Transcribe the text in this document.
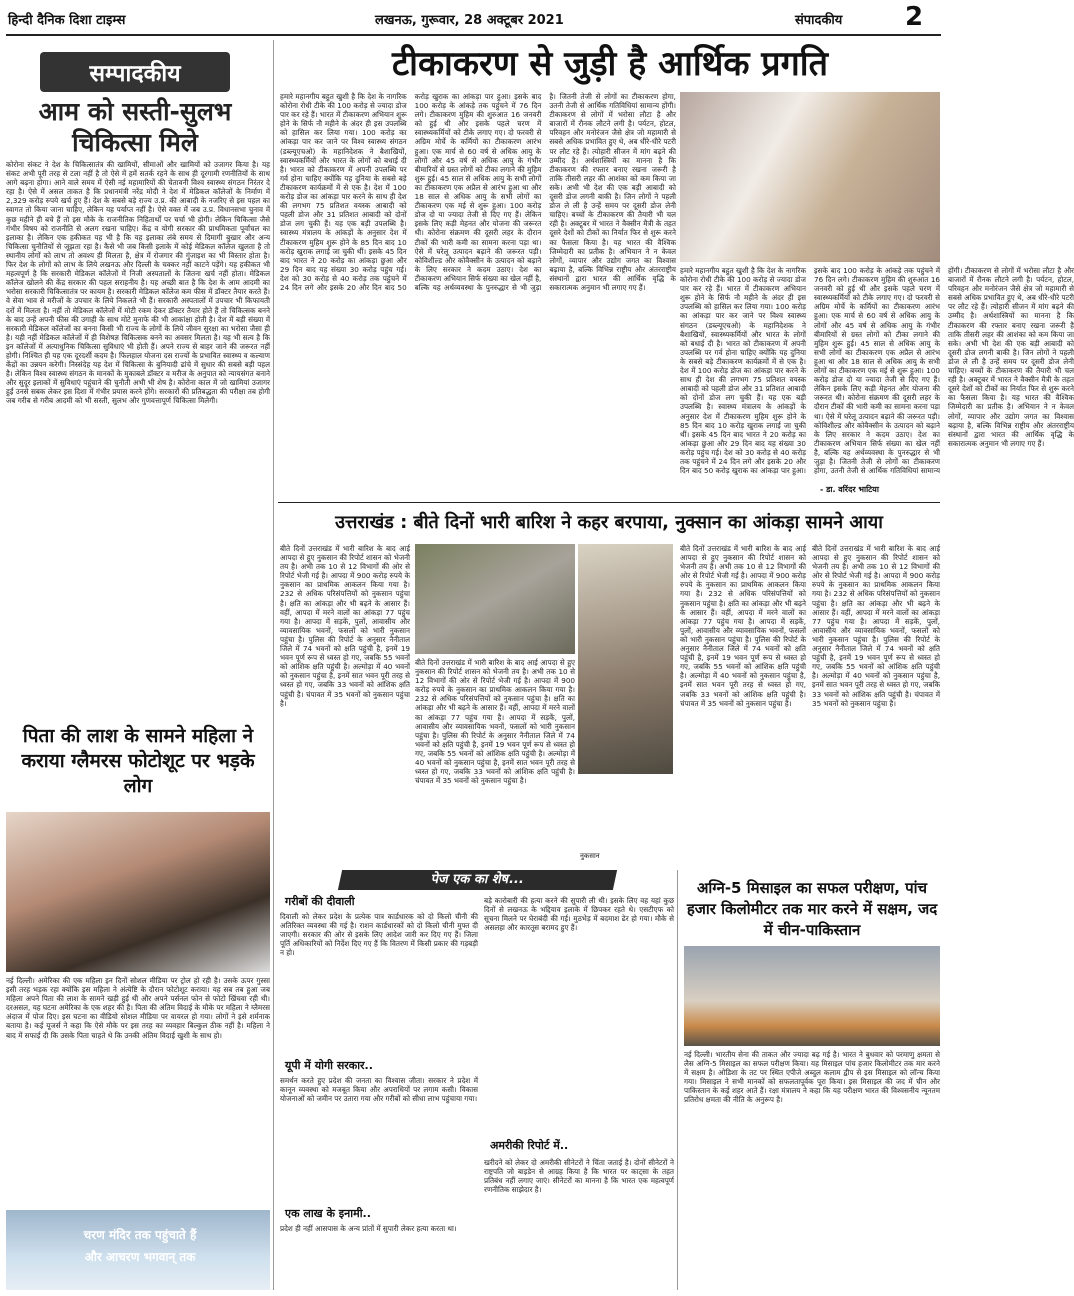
हिन्दी दैनिक दिशा टाइम्स	लखनऊ, गुरूवार, 28 अक्टूबर 2021	संपादकीय 2
सम्पादकीय
आम को सस्ती-सुलभ चिकित्सा मिले
कोरोना संकट ने देश के चिकित्सातंत्र की खामियों, सीमाओं और खामियों को उजागर किया है। यह संकट अभी पूरी तरह से टला नहीं है तो ऐसे में हमें सतर्क रहने के साथ ही दूरगामी रणनीतियों के साथ आगे बढ़ना होगा। आने वाले समय में ऐसी नई महामारियों की चेतावनी विश्व स्वास्थ्य संगठन निरंतर दे रहा है। ऐसे में असल ताकत है कि प्रधानमंत्री नरेंद्र मोदी ने देश में मेडिकल कॉलेजों के निर्माण में 2,329 करोड़ रुपये खर्च हुए हैं। देश के सबसे बड़े राज्य उ.प्र. की आबादी के नजरिए से इस पहल का स्वागत तो किया जाना चाहिए, लेकिन यह पर्याप्त नहीं है। ऐसे वक्त में जब उ.प्र. विधानसभा चुनाव में कुछ महीने ही बचे हैं तो इस मौके के राजनीतिक निहितार्थों पर चर्चा भी होगी। लेकिन चिकित्सा जैसे गंभीर विषय को राजनीति से अलग रखना चाहिए। केंद्र व योगी सरकार की प्राथमिकता पूर्वांचल का इलाका है। लेकिन एक हकीकत यह भी है कि यह इलाका लंबे समय से दिमागी बुखार और अन्य चिकित्सा चुनौतियों से जूझता रहा है। कैसे भी जब किसी इलाके में कोई मेडिकल कॉलेज खुलता है तो स्थानीय लोगों को लाभ तो अवश्य ही मिलता है, क्षेत्र में रोजगार की गुंजाइश का भी विस्तार होता है। फिर देश के लोगों को लाभ के लिये लखनऊ और दिल्ली के चक्कर नहीं काटने पड़ेंगे। यह हकीकत भी महत्वपूर्ण है कि सरकारी मेडिकल कॉलेजों में निजी अस्पतालों के जितना खर्च नहीं होता। मेडिकल कॉलेज खोलने की केंद्र सरकार की पहल सराहनीय है। यह अच्छी बात है कि देश के आम आदमी का भरोसा सरकारी चिकित्सातंत्र पर कायम है। सरकारी मेडिकल कॉलेज कम फीस में डॉक्टर तैयार करते हैं। वे सेवा भाव से मरीजों के उपचार के लिये निकलते भी हैं। सरकारी अस्पतालों में उपचार भी किफायती दरों में मिलता है। नहीं तो मेडिकल कॉलेजों में मोटी रकम देकर डॉक्टर तैयार होते हैं तो चिकित्सक बनने के बाद उन्हें अपनी फीस की उगाही के साथ मोटे मुनाफे की भी आकांक्षा होती है। देश में बड़ी संख्या में सरकारी मेडिकल कॉलेजों का बनना किसी भी राज्य के लोगों के लिये जीवन सुरक्षा का भरोसा जैसा ही है। यही नहीं मेडिकल कॉलेजों में ही विशेषज्ञ चिकित्सक बनने का अवसर मिलता है। यह भी सत्य है कि इन कॉलेजों में अत्याधुनिक चिकित्सा सुविधाएं भी होती हैं। अपने राज्य से बाहर जाने की जरूरत नहीं होगी। निश्चित ही यह एक दूरदर्शी कदम है। फिलहाल योजना दस राज्यों के प्रभावित स्वास्थ्य व कल्याण केंद्रों का उन्नयन करेगी। निस्संदेह यह देश में चिकित्सा के बुनियादी ढांचे में सुधार की सबसे बड़ी पहल है। लेकिन विश्व स्वास्थ्य संगठन के मानकों के मुकाबले डॉक्टर व मरीज के अनुपात को न्यायसंगत बनाने और सुदूर इलाकों में सुविधाएं पहुंचाने की चुनौती अभी भी शेष है। कोरोना काल में जो खामियां उजागर हुईं उनसे सबक लेकर इस दिशा में गंभीर प्रयास करने होंगे। सरकारों की प्रतिबद्धता की परीक्षा तब होगी जब गरीब से गरीब आदमी को भी सस्ती, सुलभ और गुणवत्तापूर्ण चिकित्सा मिलेगी।
पिता की लाश के सामने महिला ने कराया ग्लैमरस फोटोशूट पर भड़के लोग
नई दिल्ली। अमेरिका की एक महिला इन दिनों सोशल मीडिया पर ट्रोल हो रही है। उसके ऊपर गुस्सा इसी तरह भड़क रहा क्योंकि इस महिला ने अंत्येष्टि के दौरान फोटोशूट कराया। यह सब तब हुआ जब महिला अपने पिता की लाश के सामने खड़ी हुई थी और अपने पर्सनल फोन से फोटो खिंचवा रही थी। दरअसल, यह घटना अमेरिका के एक शहर की है। पिता की अंतिम विदाई के मौके पर महिला ने ग्लैमरस अंदाज में पोज दिए। इस घटना का वीडियो सोशल मीडिया पर वायरल हो गया। लोगों ने इसे शर्मनाक बताया है। कई यूजर्स ने कहा कि ऐसे मौके पर इस तरह का व्यवहार बिल्कुल ठीक नहीं है। महिला ने बाद में सफाई दी कि उसके पिता चाहते थे कि उनकी अंतिम विदाई खुशी के साथ हो।
चरण मंदिर तक पहुंचाते हैं
और आचरण भगवान् तक
टीकाकरण से जुड़ी है आर्थिक प्रगति
हमारे महानगीय बहुत खुशी है कि देश के नागरिक कोरोना रोधी टीके की 100 करोड़ से ज्यादा डोज पार कर रहे हैं। भारत में टीकाकरण अभियान शुरू होने के सिर्फ नौ महीने के अंदर ही इस उपलब्धि को हासिल कर लिया गया। 100 करोड़ का आंकड़ा पार कर जाने पर विश्व स्वास्थ्य संगठन (डब्ल्यूएचओ) के महानिदेशक ने बैशाखियों, स्वास्थ्यकर्मियों और भारत के लोगों को बधाई दी है। भारत को टीकाकरण में अपनी उपलब्धि पर गर्व होना चाहिए क्योंकि यह दुनिया के सबसे बड़े टीकाकरण कार्यक्रमों में से एक है। देश में 100 करोड़ डोज का आंकड़ा पार करने के साथ ही देश की लगभग 75 प्रतिशत वयस्क आबादी को पहली डोज और 31 प्रतिशत आबादी को दोनों डोज लग चुकी हैं। यह एक बड़ी उपलब्धि है। स्वास्थ्य मंत्रालय के आंकड़ों के अनुसार देश में टीकाकरण मुहिम शुरू होने के 85 दिन बाद 10 करोड़ खुराक लगाई जा चुकी थीं। इसके 45 दिन बाद भारत ने 20 करोड़ का आंकड़ा छुआ और 29 दिन बाद यह संख्या 30 करोड़ पहुंच गई। देश को 30 करोड़ से 40 करोड़ तक पहुंचने में 24 दिन लगे और इसके 20 और दिन बाद 50 करोड़ खुराक का आंकड़ा पार हुआ। इसके बाद 100 करोड़ के आंकड़े तक पहुंचने में 76 दिन लगे। टीकाकरण मुहिम की शुरुआत 16 जनवरी को हुई थी और इसके पहले चरण में स्वास्थ्यकर्मियों को टीके लगाए गए। दो फरवरी से अग्रिम मोर्चे के कर्मियों का टीकाकरण आरंभ हुआ। एक मार्च से 60 वर्ष से अधिक आयु के लोगों और 45 वर्ष से अधिक आयु के गंभीर बीमारियों से ग्रस्त लोगों को टीका लगाने की मुहिम शुरू हुई। 45 साल से अधिक आयु के सभी लोगों का टीकाकरण एक अप्रैल से आरंभ हुआ था और 18 साल से अधिक आयु के सभी लोगों का टीकाकरण एक मई से शुरू हुआ। 100 करोड़ डोज दो या ज्यादा तेजी से दिए गए हैं। लेकिन इसके लिए कड़ी मेहनत और योजना की जरूरत थी। कोरोना संक्रमण की दूसरी लहर के दौरान टीकों की भारी कमी का सामना करना पड़ा था। ऐसे में घरेलू उत्पादन बढ़ाने की जरूरत पड़ी। कोविशील्ड और कोवैक्सीन के उत्पादन को बढ़ाने के लिए सरकार ने कदम उठाए। देश का टीकाकरण अभियान सिर्फ संख्या का खेल नहीं है, बल्कि यह अर्थव्यवस्था के पुनरुद्धार से भी जुड़ा है। जितनी तेजी से लोगों का टीकाकरण होगा, उतनी तेजी से आर्थिक गतिविधियां सामान्य होंगी। टीकाकरण से लोगों में भरोसा लौटा है और बाजारों में रौनक लौटने लगी है। पर्यटन, होटल, परिवहन और मनोरंजन जैसे क्षेत्र जो महामारी से सबसे अधिक प्रभावित हुए थे, अब धीरे-धीरे पटरी पर लौट रहे हैं। त्योहारी सीजन में मांग बढ़ने की उम्मीद है। अर्थशास्त्रियों का मानना है कि टीकाकरण की रफ्तार बनाए रखना जरूरी है ताकि तीसरी लहर की आशंका को कम किया जा सके। अभी भी देश की एक बड़ी आबादी को दूसरी डोज लगनी बाकी है। जिन लोगों ने पहली डोज ले ली है उन्हें समय पर दूसरी डोज लेनी चाहिए। बच्चों के टीकाकरण की तैयारी भी चल रही है। अक्टूबर में भारत ने वैक्सीन मैत्री के तहत दूसरे देशों को टीकों का निर्यात फिर से शुरू करने का फैसला किया है। यह भारत की वैश्विक जिम्मेदारी का प्रतीक है। अभियान ने न केवल लोगों, व्यापार और उद्योग जगत का विश्वास बढ़ाया है, बल्कि विभिन्न राष्ट्रीय और अंतरराष्ट्रीय संस्थानों द्वारा भारत की आर्थिक वृद्धि के सकारात्मक अनुमान भी लगाए गए हैं।
हमारे महानगीय बहुत खुशी है कि देश के नागरिक कोरोना रोधी टीके की 100 करोड़ से ज्यादा डोज पार कर रहे हैं। भारत में टीकाकरण अभियान शुरू होने के सिर्फ नौ महीने के अंदर ही इस उपलब्धि को हासिल कर लिया गया। 100 करोड़ का आंकड़ा पार कर जाने पर विश्व स्वास्थ्य संगठन (डब्ल्यूएचओ) के महानिदेशक ने बैशाखियों, स्वास्थ्यकर्मियों और भारत के लोगों को बधाई दी है। भारत को टीकाकरण में अपनी उपलब्धि पर गर्व होना चाहिए क्योंकि यह दुनिया के सबसे बड़े टीकाकरण कार्यक्रमों में से एक है। देश में 100 करोड़ डोज का आंकड़ा पार करने के साथ ही देश की लगभग 75 प्रतिशत वयस्क आबादी को पहली डोज और 31 प्रतिशत आबादी को दोनों डोज लग चुकी हैं। यह एक बड़ी उपलब्धि है। स्वास्थ्य मंत्रालय के आंकड़ों के अनुसार देश में टीकाकरण मुहिम शुरू होने के 85 दिन बाद 10 करोड़ खुराक लगाई जा चुकी थीं। इसके 45 दिन बाद भारत ने 20 करोड़ का आंकड़ा छुआ और 29 दिन बाद यह संख्या 30 करोड़ पहुंच गई। देश को 30 करोड़ से 40 करोड़ तक पहुंचने में 24 दिन लगे और इसके 20 और दिन बाद 50 करोड़ खुराक का आंकड़ा पार हुआ। इसके बाद 100 करोड़ के आंकड़े तक पहुंचने में 76 दिन लगे। टीकाकरण मुहिम की शुरुआत 16 जनवरी को हुई थी और इसके पहले चरण में स्वास्थ्यकर्मियों को टीके लगाए गए। दो फरवरी से अग्रिम मोर्चे के कर्मियों का टीकाकरण आरंभ हुआ। एक मार्च से 60 वर्ष से अधिक आयु के लोगों और 45 वर्ष से अधिक आयु के गंभीर बीमारियों से ग्रस्त लोगों को टीका लगाने की मुहिम शुरू हुई। 45 साल से अधिक आयु के सभी लोगों का टीकाकरण एक अप्रैल से आरंभ हुआ था और 18 साल से अधिक आयु के सभी लोगों का टीकाकरण एक मई से शुरू हुआ। 100 करोड़ डोज दो या ज्यादा तेजी से दिए गए हैं। लेकिन इसके लिए कड़ी मेहनत और योजना की जरूरत थी। कोरोना संक्रमण की दूसरी लहर के दौरान टीकों की भारी कमी का सामना करना पड़ा था। ऐसे में घरेलू उत्पादन बढ़ाने की जरूरत पड़ी। कोविशील्ड और कोवैक्सीन के उत्पादन को बढ़ाने के लिए सरकार ने कदम उठाए। देश का टीकाकरण अभियान सिर्फ संख्या का खेल नहीं है, बल्कि यह अर्थव्यवस्था के पुनरुद्धार से भी जुड़ा है। जितनी तेजी से लोगों का टीकाकरण होगा, उतनी तेजी से आर्थिक गतिविधियां सामान्य होंगी। टीकाकरण से लोगों में भरोसा लौटा है और बाजारों में रौनक लौटने लगी है। पर्यटन, होटल, परिवहन और मनोरंजन जैसे क्षेत्र जो महामारी से सबसे अधिक प्रभावित हुए थे, अब धीरे-धीरे पटरी पर लौट रहे हैं। त्योहारी सीजन में मांग बढ़ने की उम्मीद है। अर्थशास्त्रियों का मानना है कि टीकाकरण की रफ्तार बनाए रखना जरूरी है ताकि तीसरी लहर की आशंका को कम किया जा सके। अभी भी देश की एक बड़ी आबादी को दूसरी डोज लगनी बाकी है। जिन लोगों ने पहली डोज ले ली है उन्हें समय पर दूसरी डोज लेनी चाहिए। बच्चों के टीकाकरण की तैयारी भी चल रही है। अक्टूबर में भारत ने वैक्सीन मैत्री के तहत दूसरे देशों को टीकों का निर्यात फिर से शुरू करने का फैसला किया है। यह भारत की वैश्विक जिम्मेदारी का प्रतीक है। अभियान ने न केवल लोगों, व्यापार और उद्योग जगत का विश्वास बढ़ाया है, बल्कि विभिन्न राष्ट्रीय और अंतरराष्ट्रीय संस्थानों द्वारा भारत की आर्थिक वृद्धि के सकारात्मक अनुमान भी लगाए गए हैं।
- डा. वरिंदर भाटिया
उत्तराखंड : बीते दिनों भारी बारिश ने कहर बरपाया, नुक्सान का आंकड़ा सामने आया
बीते दिनों उत्तराखंड में भारी बारिश के बाद आई आपदा से हुए नुकसान की रिपोर्ट शासन को भेजनी तय है। अभी तक 10 से 12 विभागों की ओर से रिपोर्ट भेजी गई है। आपदा में 900 करोड़ रुपये के नुकसान का प्राथमिक आकलन किया गया है। 232 से अधिक परिसंपत्तियों को नुकसान पहुंचा है। क्षति का आंकड़ा और भी बढ़ने के आसार हैं। वहीं, आपदा में मरने वालों का आंकड़ा 77 पहुंच गया है। आपदा में सड़कें, पुलों, आवासीय और व्यावसायिक भवनों, फसलों को भारी नुकसान पहुंचा है। पुलिस की रिपोर्ट के अनुसार नैनीताल जिले में 74 भवनों को क्षति पहुंची है, इनमें 19 भवन पूर्ण रूप से ध्वस्त हो गए, जबकि 55 भवनों को आंशिक क्षति पहुंची है। अल्मोड़ा में 40 भवनों को नुकसान पहुंचा है, इनमें सात भवन पूरी तरह से ध्वस्त हो गए, जबकि 33 भवनों को आंशिक क्षति पहुंची है। चंपावत में 35 भवनों को नुकसान पहुंचा है।
बीते दिनों उत्तराखंड में भारी बारिश के बाद आई आपदा से हुए नुकसान की रिपोर्ट शासन को भेजनी तय है। अभी तक 10 से 12 विभागों की ओर से रिपोर्ट भेजी गई है। आपदा में 900 करोड़ रुपये के नुकसान का प्राथमिक आकलन किया गया है। 232 से अधिक परिसंपत्तियों को नुकसान पहुंचा है। क्षति का आंकड़ा और भी बढ़ने के आसार हैं। वहीं, आपदा में मरने वालों का आंकड़ा 77 पहुंच गया है। आपदा में सड़कें, पुलों, आवासीय और व्यावसायिक भवनों, फसलों को भारी नुकसान पहुंचा है। पुलिस की रिपोर्ट के अनुसार नैनीताल जिले में 74 भवनों को क्षति पहुंची है, इनमें 19 भवन पूर्ण रूप से ध्वस्त हो गए, जबकि 55 भवनों को आंशिक क्षति पहुंची है। अल्मोड़ा में 40 भवनों को नुकसान पहुंचा है, इनमें सात भवन पूरी तरह से ध्वस्त हो गए, जबकि 33 भवनों को आंशिक क्षति पहुंची है। चंपावत में 35 भवनों को नुकसान पहुंचा है।
नुकसान
बीते दिनों उत्तराखंड में भारी बारिश के बाद आई आपदा से हुए नुकसान की रिपोर्ट शासन को भेजनी तय है। अभी तक 10 से 12 विभागों की ओर से रिपोर्ट भेजी गई है। आपदा में 900 करोड़ रुपये के नुकसान का प्राथमिक आकलन किया गया है। 232 से अधिक परिसंपत्तियों को नुकसान पहुंचा है। क्षति का आंकड़ा और भी बढ़ने के आसार हैं। वहीं, आपदा में मरने वालों का आंकड़ा 77 पहुंच गया है। आपदा में सड़कें, पुलों, आवासीय और व्यावसायिक भवनों, फसलों को भारी नुकसान पहुंचा है। पुलिस की रिपोर्ट के अनुसार नैनीताल जिले में 74 भवनों को क्षति पहुंची है, इनमें 19 भवन पूर्ण रूप से ध्वस्त हो गए, जबकि 55 भवनों को आंशिक क्षति पहुंची है। अल्मोड़ा में 40 भवनों को नुकसान पहुंचा है, इनमें सात भवन पूरी तरह से ध्वस्त हो गए, जबकि 33 भवनों को आंशिक क्षति पहुंची है। चंपावत में 35 भवनों को नुकसान पहुंचा है।
बीते दिनों उत्तराखंड में भारी बारिश के बाद आई आपदा से हुए नुकसान की रिपोर्ट शासन को भेजनी तय है। अभी तक 10 से 12 विभागों की ओर से रिपोर्ट भेजी गई है। आपदा में 900 करोड़ रुपये के नुकसान का प्राथमिक आकलन किया गया है। 232 से अधिक परिसंपत्तियों को नुकसान पहुंचा है। क्षति का आंकड़ा और भी बढ़ने के आसार हैं। वहीं, आपदा में मरने वालों का आंकड़ा 77 पहुंच गया है। आपदा में सड़कें, पुलों, आवासीय और व्यावसायिक भवनों, फसलों को भारी नुकसान पहुंचा है। पुलिस की रिपोर्ट के अनुसार नैनीताल जिले में 74 भवनों को क्षति पहुंची है, इनमें 19 भवन पूर्ण रूप से ध्वस्त हो गए, जबकि 55 भवनों को आंशिक क्षति पहुंची है। अल्मोड़ा में 40 भवनों को नुकसान पहुंचा है, इनमें सात भवन पूरी तरह से ध्वस्त हो गए, जबकि 33 भवनों को आंशिक क्षति पहुंची है। चंपावत में 35 भवनों को नुकसान पहुंचा है।
पेज एक का शेष...
गरीबों की दीवाली
दिवाली को लेकर प्रदेश के प्रत्येक पात्र कार्डधारक को दो किलो चीनी की अतिरिक्त व्यवस्था की गई है। राशन कार्डधारकों को दो किलो चीनी मुफ्त दी जाएगी। सरकार की ओर से इसके लिए आदेश जारी कर दिए गए हैं। जिला पूर्ति अधिकारियों को निर्देश दिए गए हैं कि वितरण में किसी प्रकार की गड़बड़ी न हो।
यूपी में योगी सरकार..
समर्थन करते हुए प्रदेश की जनता का विश्वास जीता। सरकार ने प्रदेश में कानून व्यवस्था को मजबूत किया और अपराधियों पर लगाम कसी। विकास योजनाओं को जमीन पर उतारा गया और गरीबों को सीधा लाभ पहुंचाया गया।
एक लाख के इनामी..
प्रदेश ही नहीं आसपास के अन्य प्रांतों में सुपारी लेकर हत्या करता था।
बड़े कारोबारी की हत्या करने की सुपारी ली थी। इसके लिए वह यहां कुछ दिनों से लखनऊ के भद्दियाव इलाके में छिपकर रहते थे। एसटीएफ को सूचना मिलने पर घेराबंदी की गई। मुठभेड़ में बदमाश ढेर हो गया। मौके से असलहा और कारतूस बरामद हुए हैं।
अमरीकी रिपोर्ट में..
खरीदने को लेकर दो अमरीकी सीनेटरों ने चिंता जताई है। दोनों सीनेटरों ने राष्ट्रपति जो बाइडेन से आग्रह किया है कि भारत पर काट्सा के तहत प्रतिबंध नहीं लगाए जाएं। सीनेटरों का मानना है कि भारत एक महत्वपूर्ण रणनीतिक साझेदार है।
अग्नि-5 मिसाइल का सफल परीक्षण, पांच हजार किलोमीटर तक मार करने में सक्षम, जद में चीन-पाकिस्तान
नई दिल्ली। भारतीय सेना की ताकत और ज्यादा बढ़ गई है। भारत ने बुधवार को परमाणु क्षमता से लैस अग्नि-5 मिसाइल का सफल परीक्षण किया। यह मिसाइल पांच हजार किलोमीटर तक मार करने में सक्षम है। ओडिशा के तट पर स्थित एपीजे अब्दुल कलाम द्वीप से इस मिसाइल को लॉन्च किया गया। मिसाइल ने सभी मानकों को सफलतापूर्वक पूरा किया। इस मिसाइल की जद में चीन और पाकिस्तान के कई शहर आते हैं। रक्षा मंत्रालय ने कहा कि यह परीक्षण भारत की विश्वसनीय न्यूनतम प्रतिरोध क्षमता की नीति के अनुरूप है।
